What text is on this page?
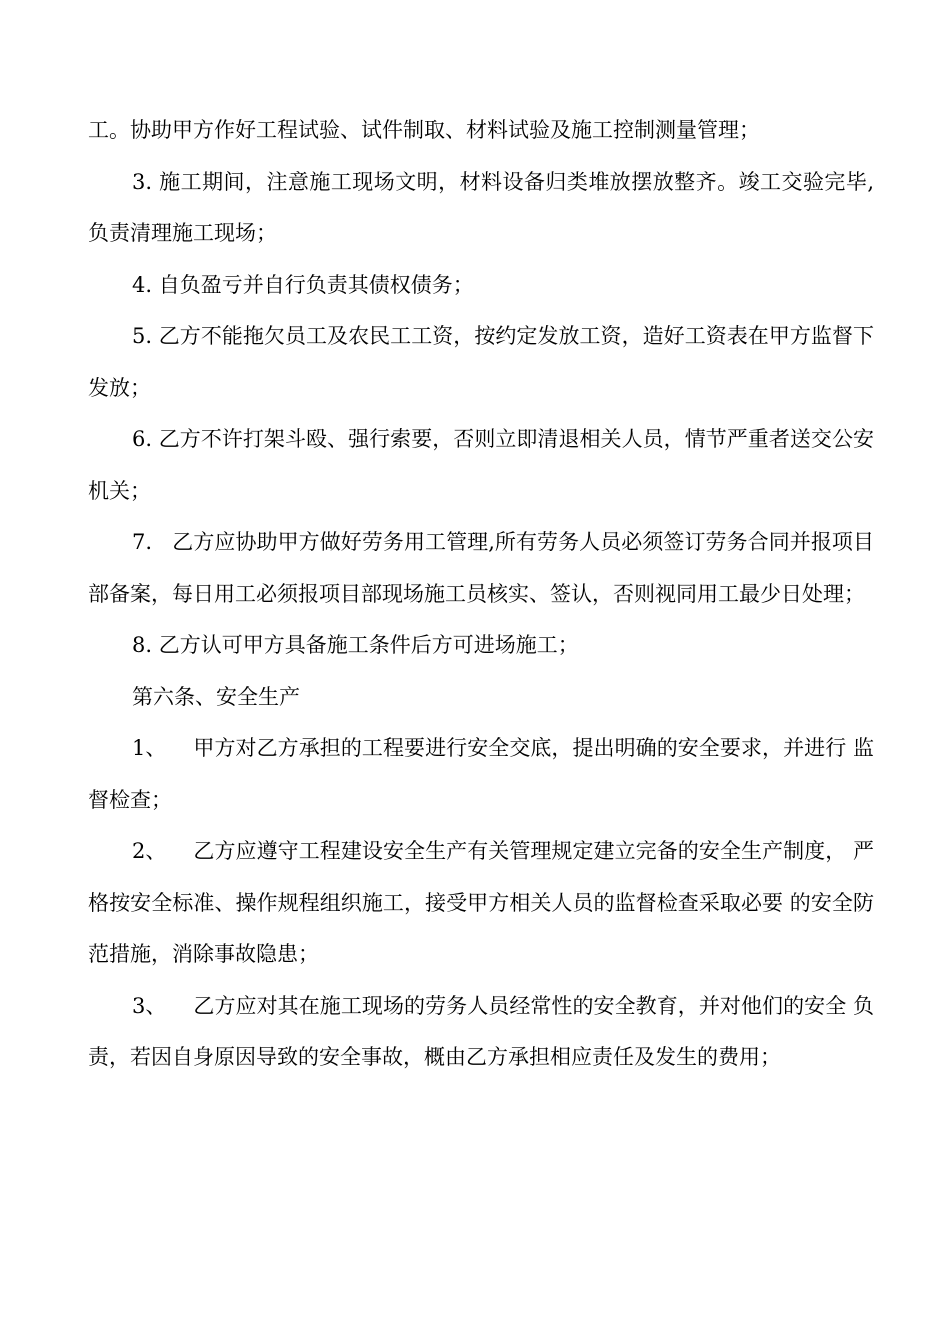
工。协助甲方作好工程试验、试件制取、材料试验及施工控制测量管理；

3. 施工期间，注意施工现场文明，材料设备归类堆放摆放整齐。竣工交验完毕,负责清理施工现场；

4. 自负盈亏并自行负责其债权债务；

5. 乙方不能拖欠员工及农民工工资，按约定发放工资，造好工资表在甲方监督下发放；

6. 乙方不许打架斗殴、强行索要，否则立即清退相关人员，情节严重者送交公安机关；

7.   乙方应协助甲方做好劳务用工管理,所有劳务人员必须签订劳务合同并报项目部备案，每日用工必须报项目部现场施工员核实、签认，否则视同用工最少日处理；

8. 乙方认可甲方具备施工条件后方可进场施工；

第六条、安全生产

1、    甲方对乙方承担的工程要进行安全交底，提出明确的安全要求，并进行 监督检查；

2、    乙方应遵守工程建设安全生产有关管理规定建立完备的安全生产制度， 严格按安全标准、操作规程组织施工，接受甲方相关人员的监督检查采取必要 的安全防范措施，消除事故隐患；

3、    乙方应对其在施工现场的劳务人员经常性的安全教育，并对他们的安全 负责，若因自身原因导致的安全事故，概由乙方承担相应责任及发生的费用；
